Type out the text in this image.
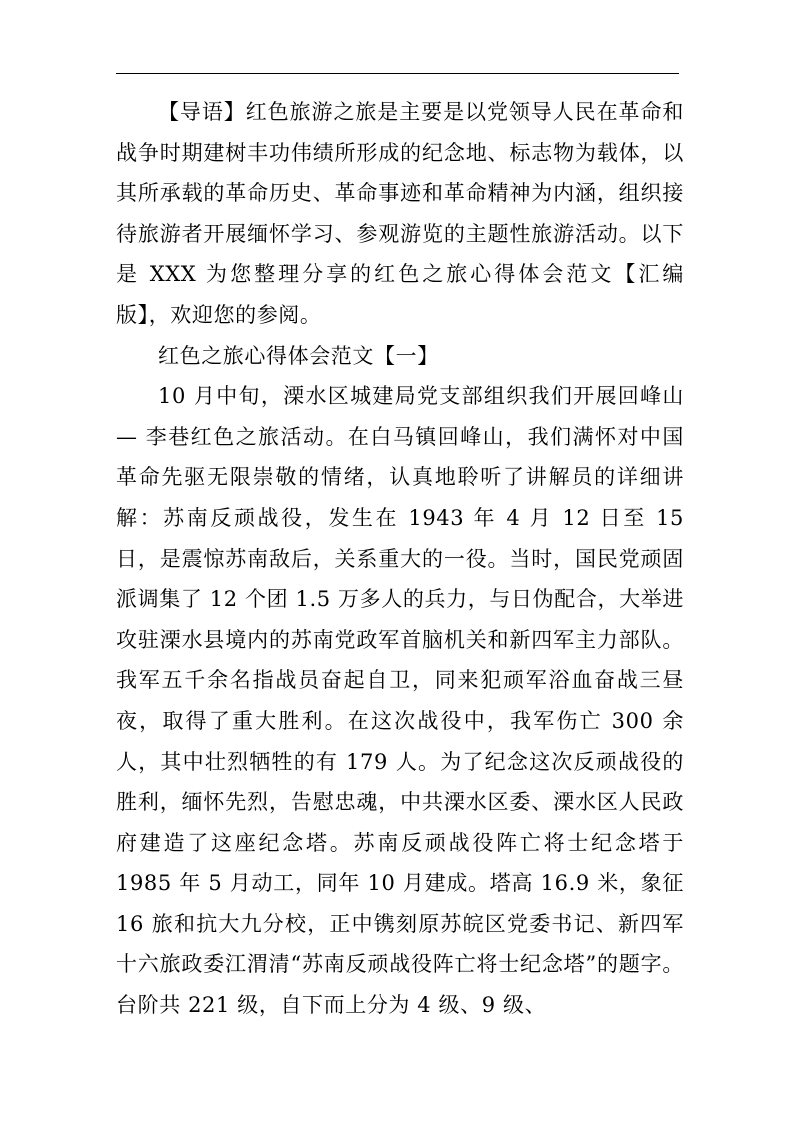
【导语】红色旅游之旅是主要是以党领导人民在革命和战争时期建树丰功伟绩所形成的纪念地、标志物为载体，以其所承载的革命历史、革命事迹和革命精神为内涵，组织接待旅游者开展缅怀学习、参观游览的主题性旅游活动。以下是 XXX 为您整理分享的红色之旅心得体会范文【汇编版】，欢迎您的参阅。

红色之旅心得体会范文【一】

10 月中旬，溧水区城建局党支部组织我们开展回峰山 — 李巷红色之旅活动。在白马镇回峰山，我们满怀对中国革命先驱无限崇敬的情绪，认真地聆听了讲解员的详细讲解：苏南反顽战役，发生在 1943 年 4 月 12 日至 15 日，是震惊苏南敌后，关系重大的一役。当时，国民党顽固派调集了 12 个团 1.5 万多人的兵力，与日伪配合，大举进攻驻溧水县境内的苏南党政军首脑机关和新四军主力部队。我军五千余名指战员奋起自卫，同来犯顽军浴血奋战三昼夜，取得了重大胜利。在这次战役中，我军伤亡 300 余人，其中壮烈牺牲的有 179 人。为了纪念这次反顽战役的胜利，缅怀先烈，告慰忠魂，中共溧水区委、溧水区人民政府建造了这座纪念塔。苏南反顽战役阵亡将士纪念塔于 1985 年 5 月动工，同年 10 月建成。塔高 16.9 米，象征 16 旅和抗大九分校，正中镌刻原苏皖区党委书记、新四军十六旅政委江渭清“苏南反顽战役阵亡将士纪念塔”的题字。台阶共 221 级，自下而上分为 4 级、9 级、
